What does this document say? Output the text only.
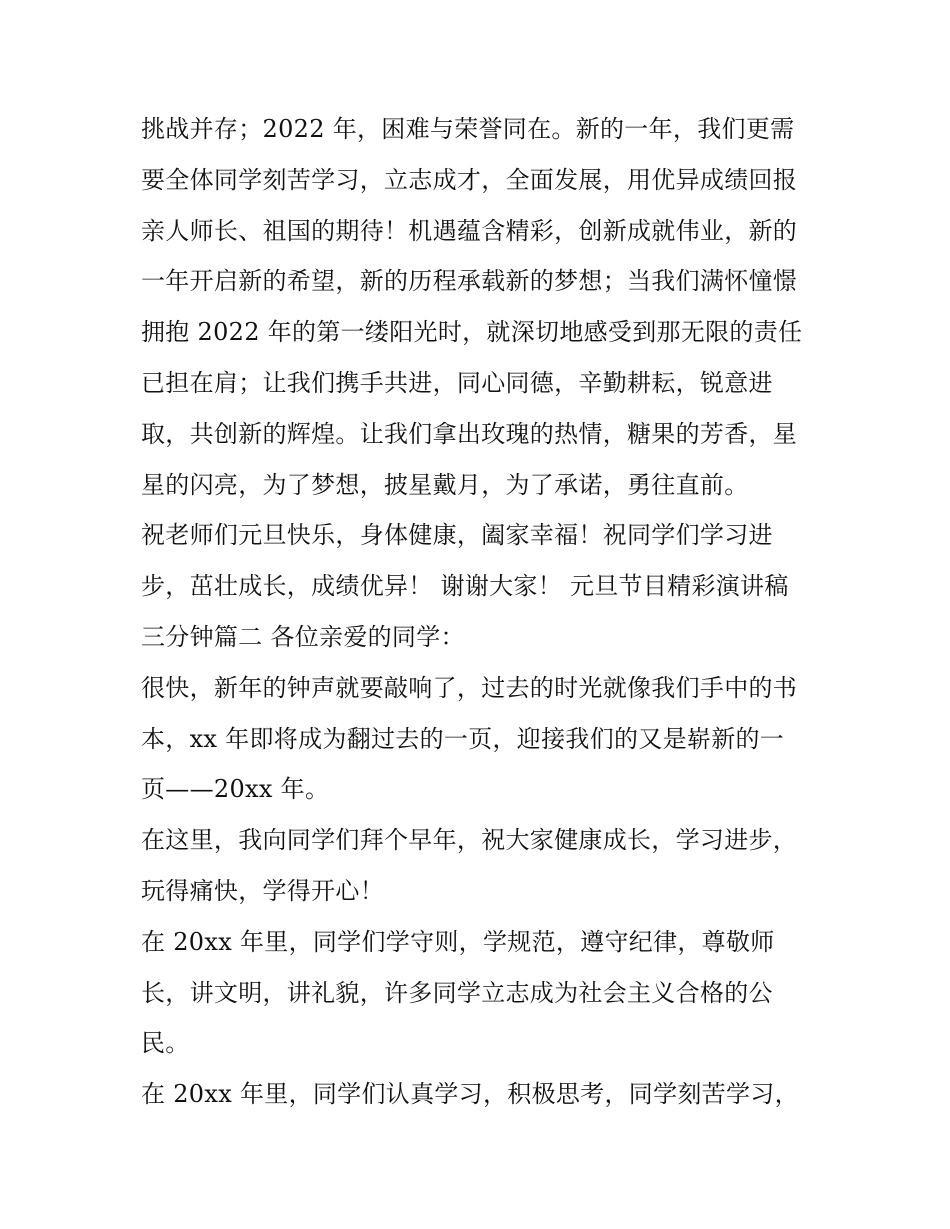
挑战并存；2022 年，困难与荣誉同在。新的一年，我们更需
要全体同学刻苦学习，立志成才，全面发展，用优异成绩回报
亲人师长、祖国的期待！机遇蕴含精彩，创新成就伟业，新的
一年开启新的希望，新的历程承载新的梦想；当我们满怀憧憬
拥抱 2022 年的第一缕阳光时，就深切地感受到那无限的责任
已担在肩；让我们携手共进，同心同德，辛勤耕耘，锐意进
取，共创新的辉煌。让我们拿出玫瑰的热情，糖果的芳香，星
星的闪亮，为了梦想，披星戴月，为了承诺，勇往直前。
祝老师们元旦快乐，身体健康，阖家幸福！祝同学们学习进
步，茁壮成长，成绩优异！ 谢谢大家！ 元旦节目精彩演讲稿
三分钟篇二 各位亲爱的同学：
很快，新年的钟声就要敲响了，过去的时光就像我们手中的书
本，xx 年即将成为翻过去的一页，迎接我们的又是崭新的一
页——20xx 年。
在这里，我向同学们拜个早年，祝大家健康成长，学习进步，
玩得痛快，学得开心！
在 20xx 年里，同学们学守则，学规范，遵守纪律，尊敬师
长，讲文明，讲礼貌，许多同学立志成为社会主义合格的公
民。
在 20xx 年里，同学们认真学习，积极思考，同学刻苦学习，
